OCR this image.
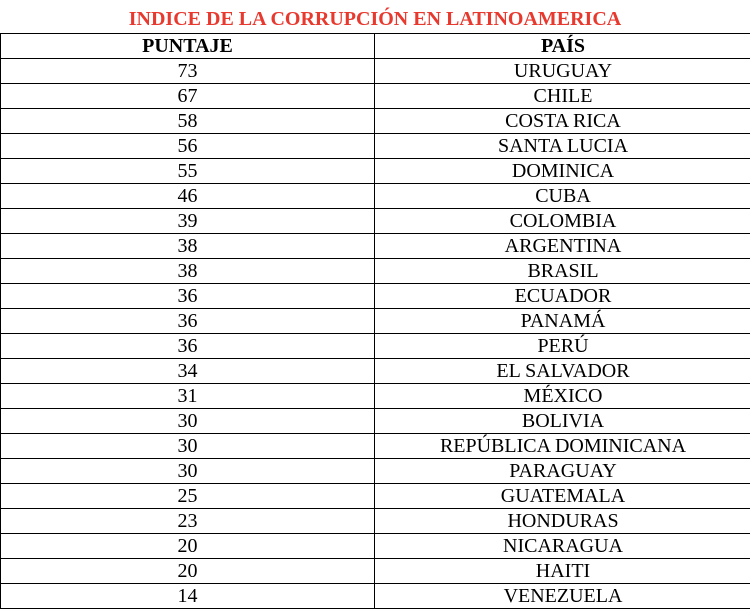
INDICE DE LA CORRUPCIÓN EN LATINOAMERICA
PUNTAJE	PAÍS
73	URUGUAY
67	CHILE
58	COSTA RICA
56	SANTA LUCIA
55	DOMINICA
46	CUBA
39	COLOMBIA
38	ARGENTINA
38	BRASIL
36	ECUADOR
36	PANAMÁ
36	PERÚ
34	EL SALVADOR
31	MÉXICO
30	BOLIVIA
30	REPÚBLICA DOMINICANA
30	PARAGUAY
25	GUATEMALA
23	HONDURAS
20	NICARAGUA
20	HAITI
14	VENEZUELA
